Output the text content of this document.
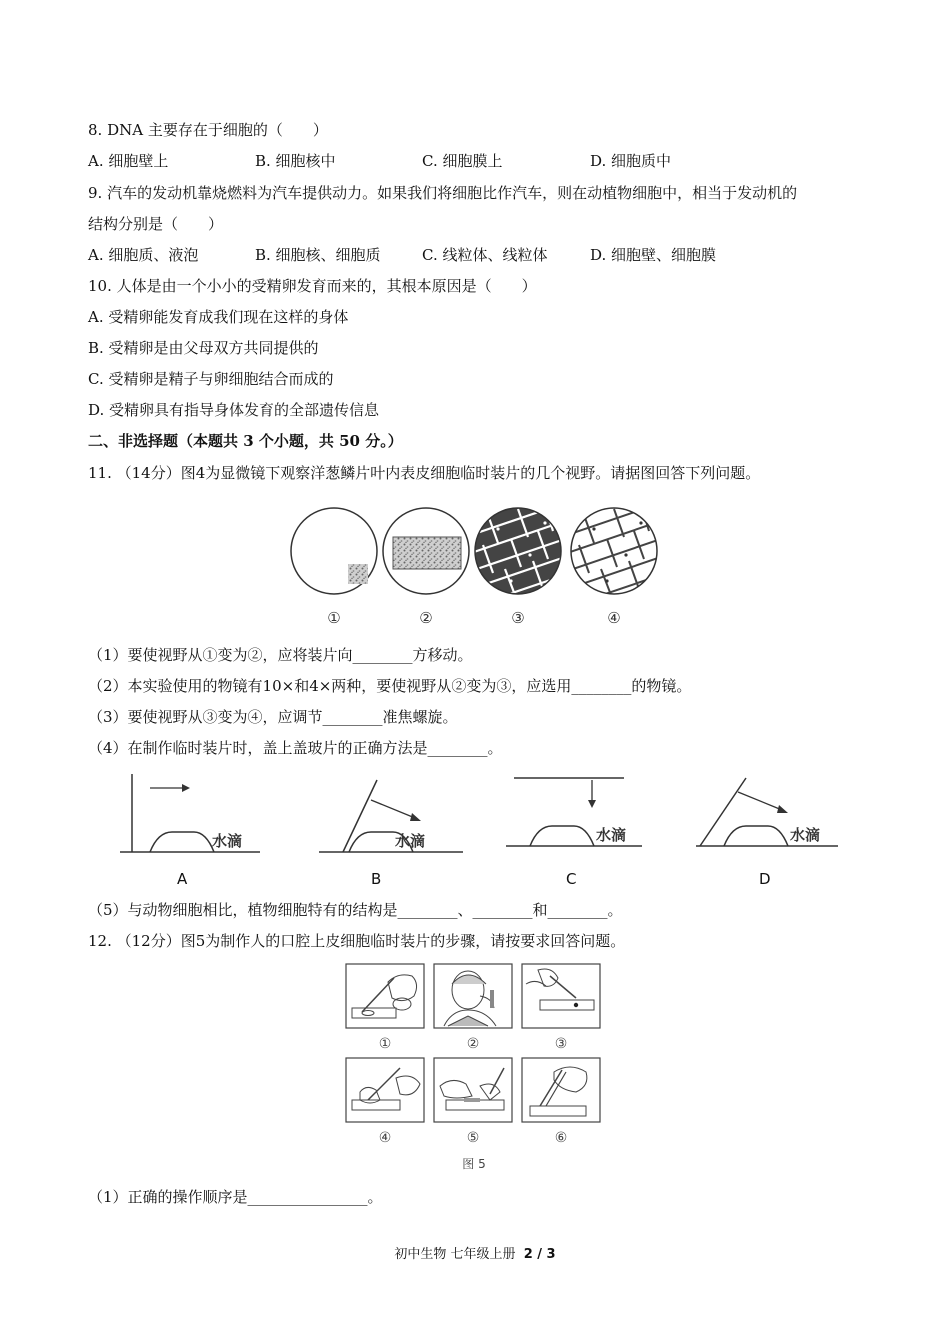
8. DNA 主要存在于细胞的（　　）
A. 细胞壁上	B. 细胞核中	C. 细胞膜上	D. 细胞质中
9. 汽车的发动机靠烧燃料为汽车提供动力。如果我们将细胞比作汽车，则在动植物细胞中，相当于发动机的
结构分别是（　　）
A. 细胞质、液泡	B. 细胞核、细胞质	C. 线粒体、线粒体	D. 细胞壁、细胞膜
10. 人体是由一个小小的受精卵发育而来的，其根本原因是（　　）
A. 受精卵能发育成我们现在这样的身体
B. 受精卵是由父母双方共同提供的
C. 受精卵是精子与卵细胞结合而成的
D. 受精卵具有指导身体发育的全部遗传信息
二、非选择题（本题共 3 个小题，共 50 分。）
11. （14分）图4为显微镜下观察洋葱鳞片叶内表皮细胞临时装片的几个视野。请据图回答下列问题。
①	②	③	④
（1）要使视野从①变为②，应将装片向________方移动。
（2）本实验使用的物镜有10×和4×两种，要使视野从②变为③，应选用________的物镜。
（3）要使视野从③变为④，应调节________准焦螺旋。
（4）在制作临时装片时，盖上盖玻片的正确方法是________。
水滴	水滴	水滴	水滴
A	B	C	D
（5）与动物细胞相比，植物细胞特有的结构是________、________和________。
12. （12分）图5为制作人的口腔上皮细胞临时装片的步骤，请按要求回答问题。
①	②	③
④	⑤	⑥
图 5
（1）正确的操作顺序是________________。
初中生物 七年级上册 2 / 3
